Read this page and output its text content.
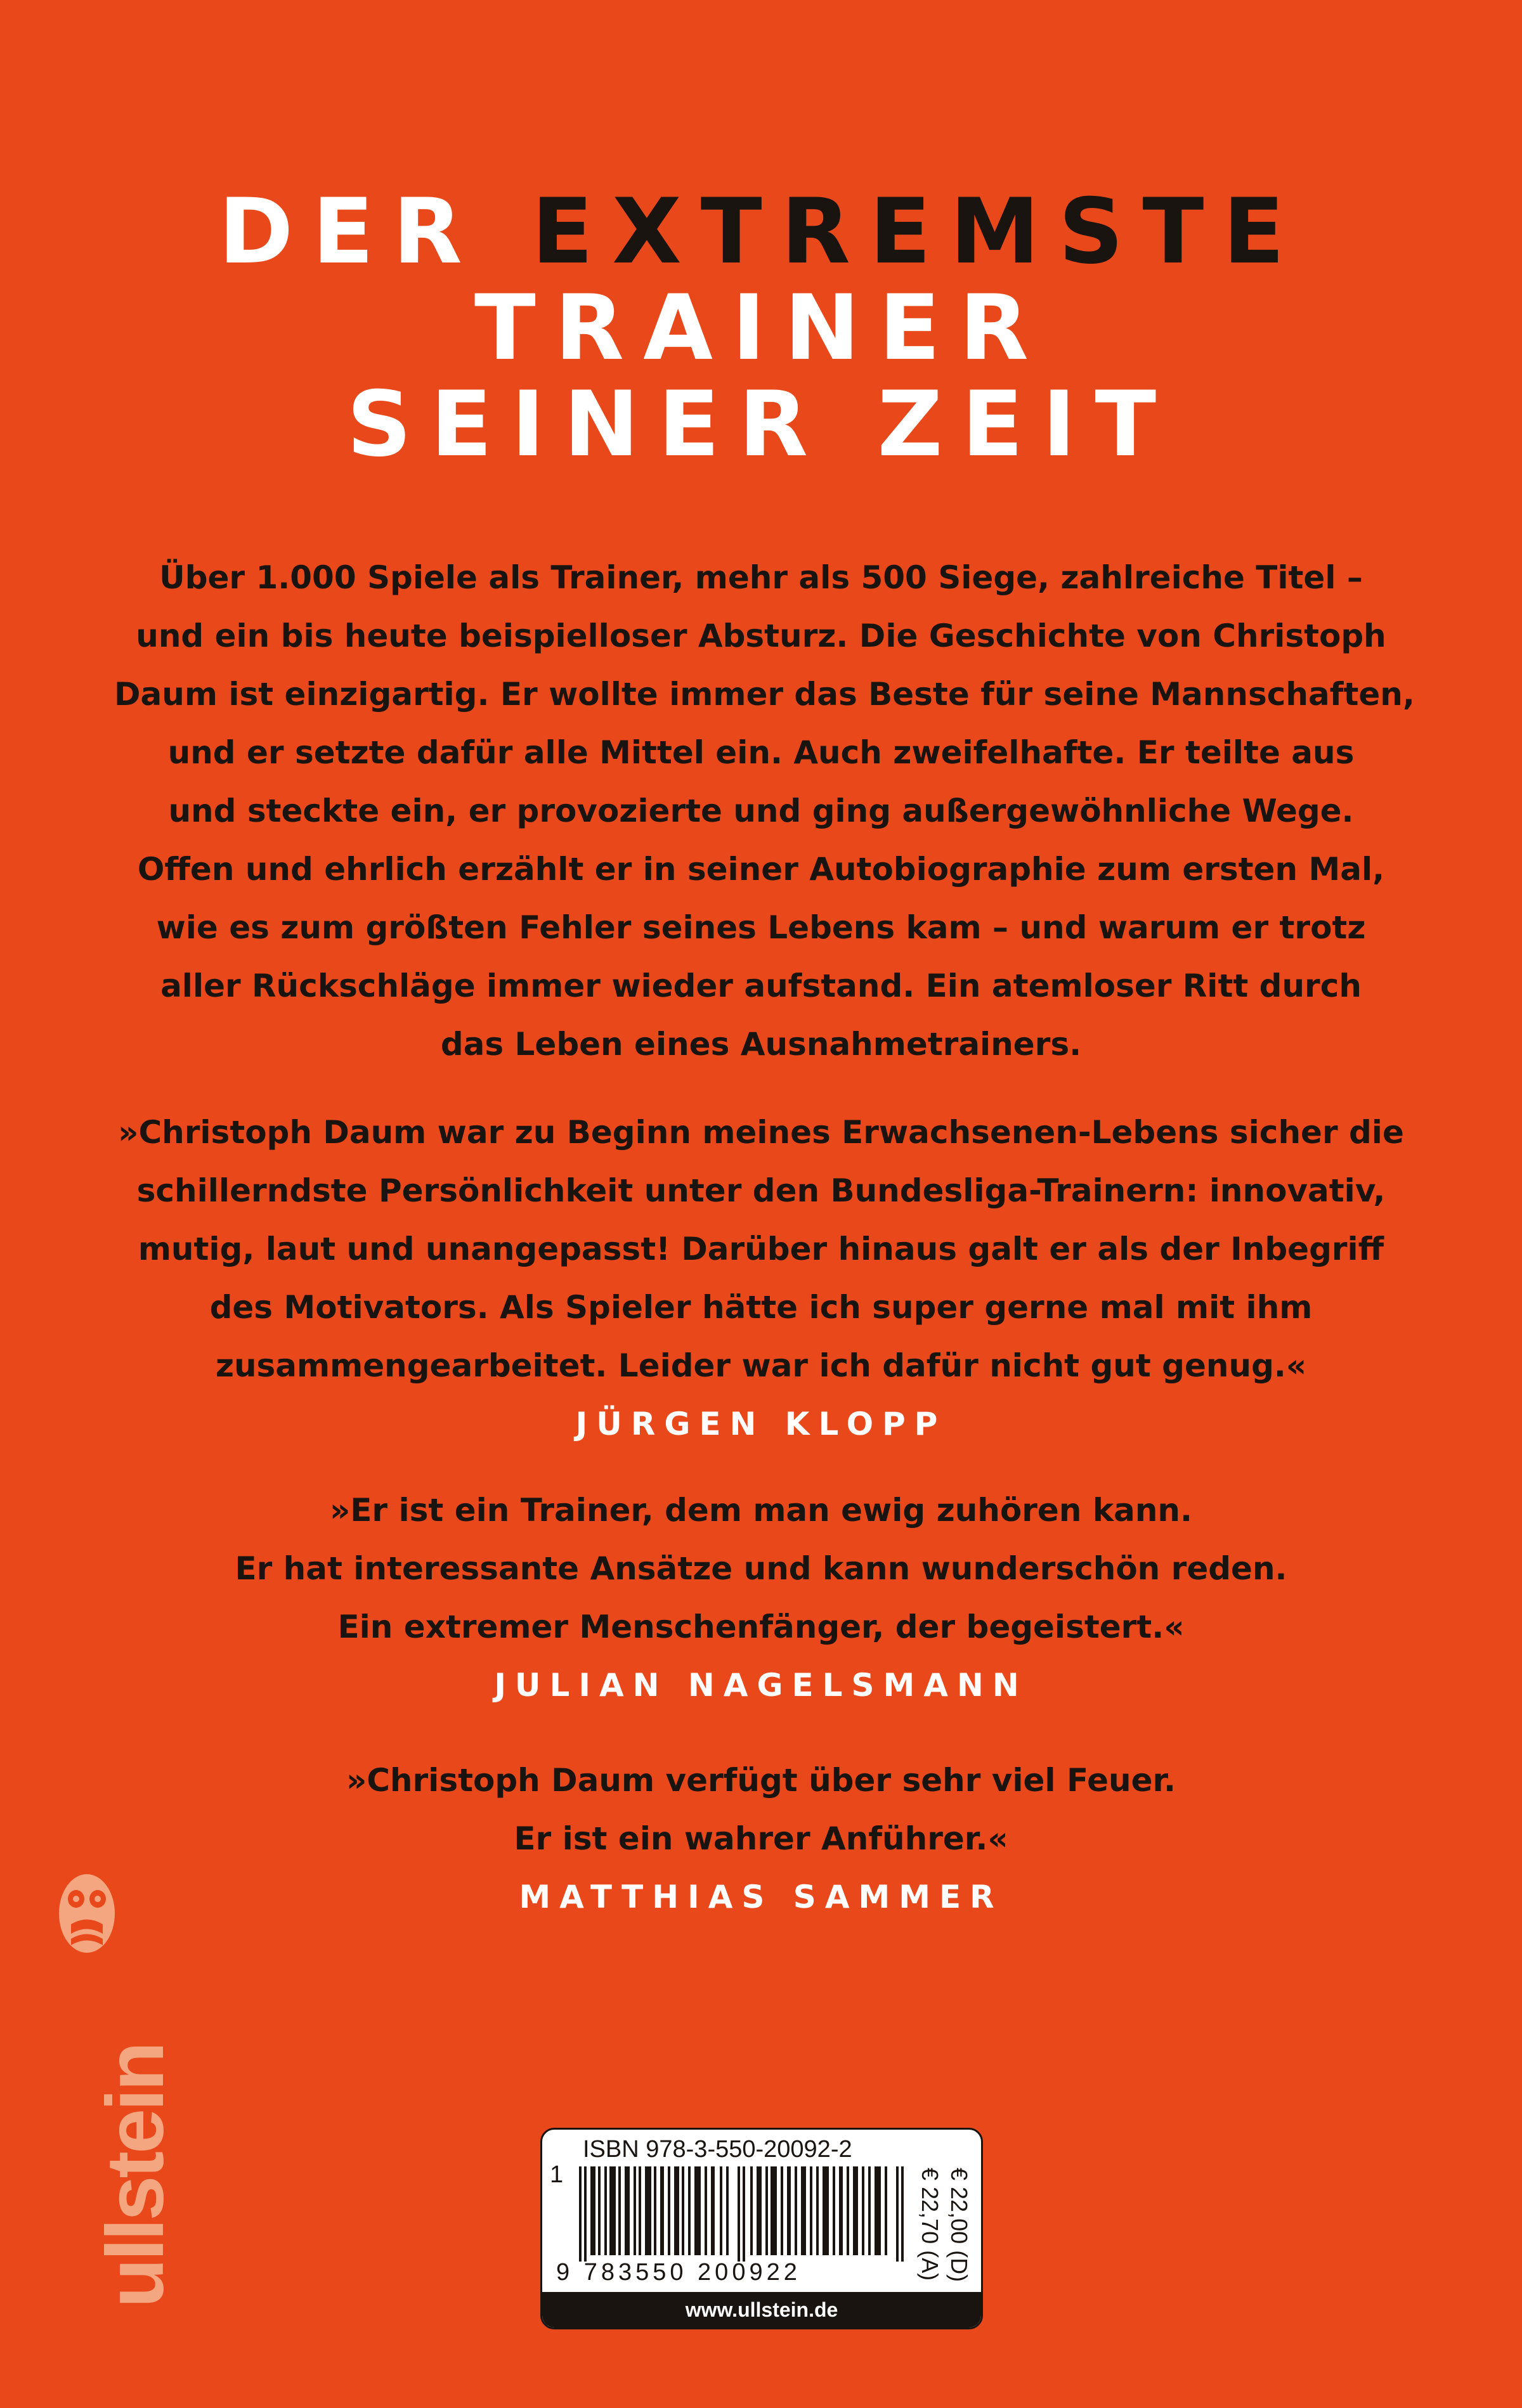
DER EXTREMSTE
TRAINER
SEINER ZEIT
Über 1.000 Spiele als Trainer, mehr als 500 Siege, zahlreiche Titel –
und ein bis heute beispielloser Absturz. Die Geschichte von Christoph
Daum ist einzigartig. Er wollte immer das Beste für seine Mannschaften,
und er setzte dafür alle Mittel ein. Auch zweifelhafte. Er teilte aus
und steckte ein, er provozierte und ging außergewöhnliche Wege.
Offen und ehrlich erzählt er in seiner Autobiographie zum ersten Mal,
wie es zum größten Fehler seines Lebens kam – und warum er trotz
aller Rückschläge immer wieder aufstand. Ein atemloser Ritt durch
das Leben eines Ausnahmetrainers.
»Christoph Daum war zu Beginn meines Erwachsenen-Lebens sicher die
schillerndste Persönlichkeit unter den Bundesliga-Trainern: innovativ,
mutig, laut und unangepasst! Darüber hinaus galt er als der Inbegriff
des Motivators. Als Spieler hätte ich super gerne mal mit ihm
zusammengearbeitet. Leider war ich dafür nicht gut genug.«
JÜRGEN KLOPP
»Er ist ein Trainer, dem man ewig zuhören kann.
Er hat interessante Ansätze und kann wunderschön reden.
Ein extremer Menschenfänger, der begeistert.«
JULIAN NAGELSMANN
»Christoph Daum verfügt über sehr viel Feuer.
Er ist ein wahrer Anführer.«
MATTHIAS SAMMER
ullstein	ISBN 978-3-550-20092-2
1
9 783550 200922	€ 22,00 (D)
€ 22,70 (A)
www.ullstein.de
